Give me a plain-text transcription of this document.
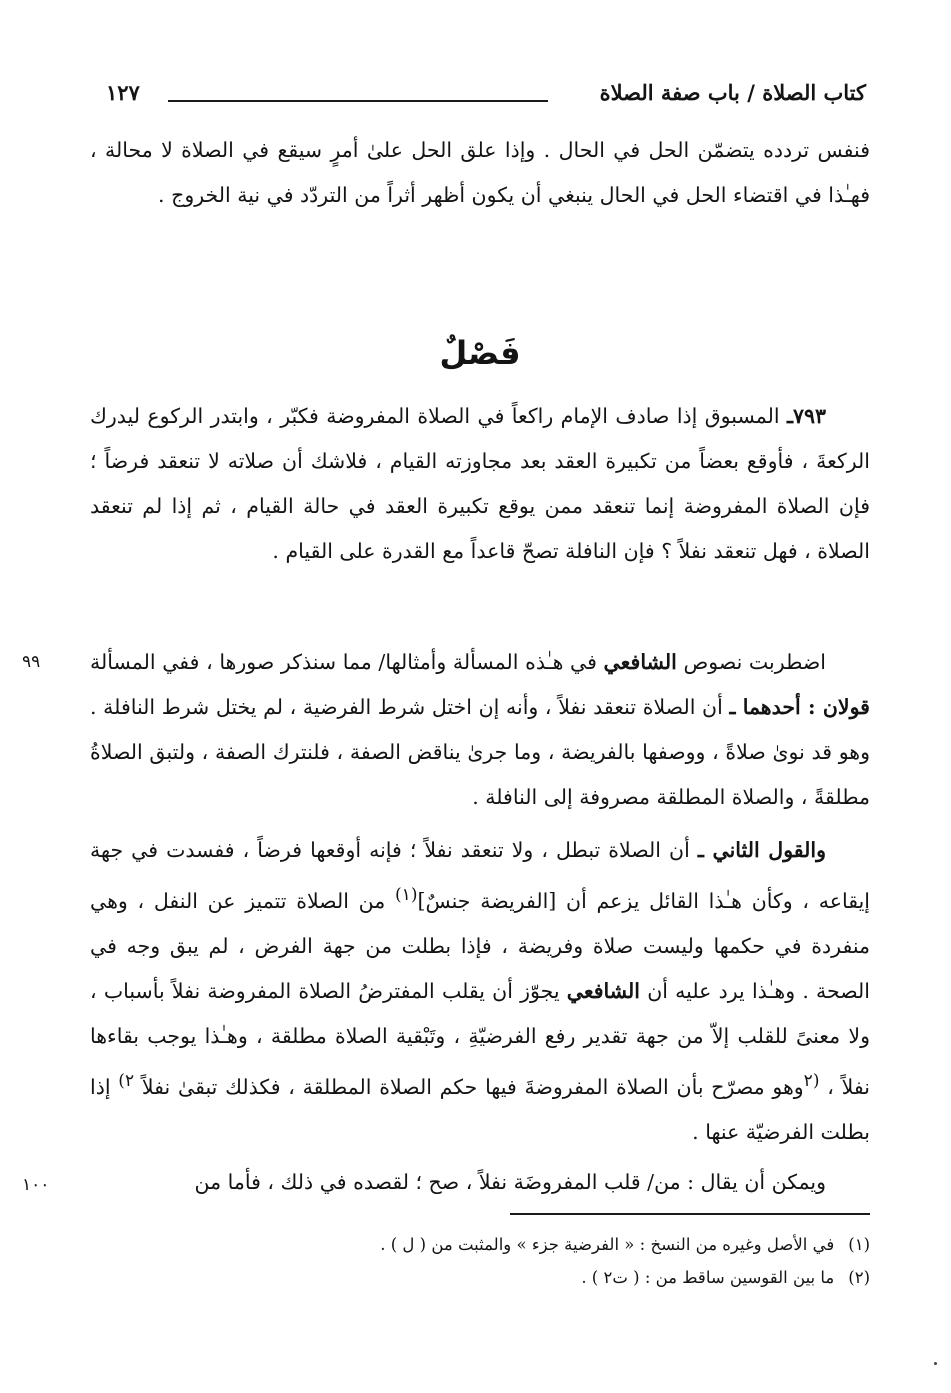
كتاب الصلاة / باب صفة الصلاة
١٢٧

فنفس تردده يتضمّن الحل في الحال . وإذا علق الحل علىٰ أمرٍ سيقع في الصلاة لا محالة ، فهـٰذا في اقتضاء الحل في الحال ينبغي أن يكون أظهر أثراً من التردّد في نية الخروج .

فَصْلٌ

٧٩٣ـ المسبوق إذا صادف الإمام راكعاً في الصلاة المفروضة فكبّر ، وابتدر الركوع ليدرك الركعةَ ، فأوقع بعضاً من تكبيرة العقد بعد مجاوزته القيام ، فلاشك أن صلاته لا تنعقد فرضاً ؛ فإن الصلاة المفروضة إنما تنعقد ممن يوقع تكبيرة العقد في حالة القيام ، ثم إذا لم تنعقد الصلاة ، فهل تنعقد نفلاً ؟ فإن النافلة تصحّ قاعداً مع القدرة على القيام .

٩٩	اضطربت نصوص الشافعي في هـٰذه المسألة وأمثالها/ مما سنذكر صورها ، ففي المسألة قولان : أحدهما ـ أن الصلاة تنعقد نفلاً ، وأنه إن اختل شرط الفرضية ، لم يختل شرط النافلة . وهو قد نوىٰ صلاةً ، ووصفها بالفريضة ، وما جرىٰ يناقض الصفة ، فلنترك الصفة ، ولتبق الصلاةُ مطلقةً ، والصلاة المطلقة مصروفة إلى النافلة .

والقول الثاني ـ أن الصلاة تبطل ، ولا تنعقد نفلاً ؛ فإنه أوقعها فرضاً ، ففسدت في جهة إيقاعه ، وكأن هـٰذا القائل يزعم أن [الفريضة جنسٌ]$^{(١)}$ من الصلاة تتميز عن النفل ، وهي منفردة في حكمها وليست صلاة وفريضة ، فإذا بطلت من جهة الفرض ، لم يبق وجه في الصحة . وهـٰذا يرد عليه أن الشافعي يجوّز أن يقلب المفترضُ الصلاة المفروضة نفلاً بأسباب ، ولا معنىً للقلب إلاّ من جهة تقدير رفع الفرضيّةِ ، وتَبْقية الصلاة مطلقة ، وهـٰذا يوجب بقاءها نفلاً ، $^{(٢}$وهو مصرّح بأن الصلاة المفروضةَ فيها حكم الصلاة المطلقة ، فكذلك تبقىٰ نفلاً $^{٢)}$ إذا بطلت الفرضيّة عنها .

١٠٠	ويمكن أن يقال : من/ قلب المفروضَة نفلاً ، صح ؛ لقصده في ذلك ، فأما من

(١)في الأصل وغيره من النسخ : « الفرضية جزء » والمثبت من ( ل ) .
(٢)ما بين القوسين ساقط من : ( ت٢ ) .
